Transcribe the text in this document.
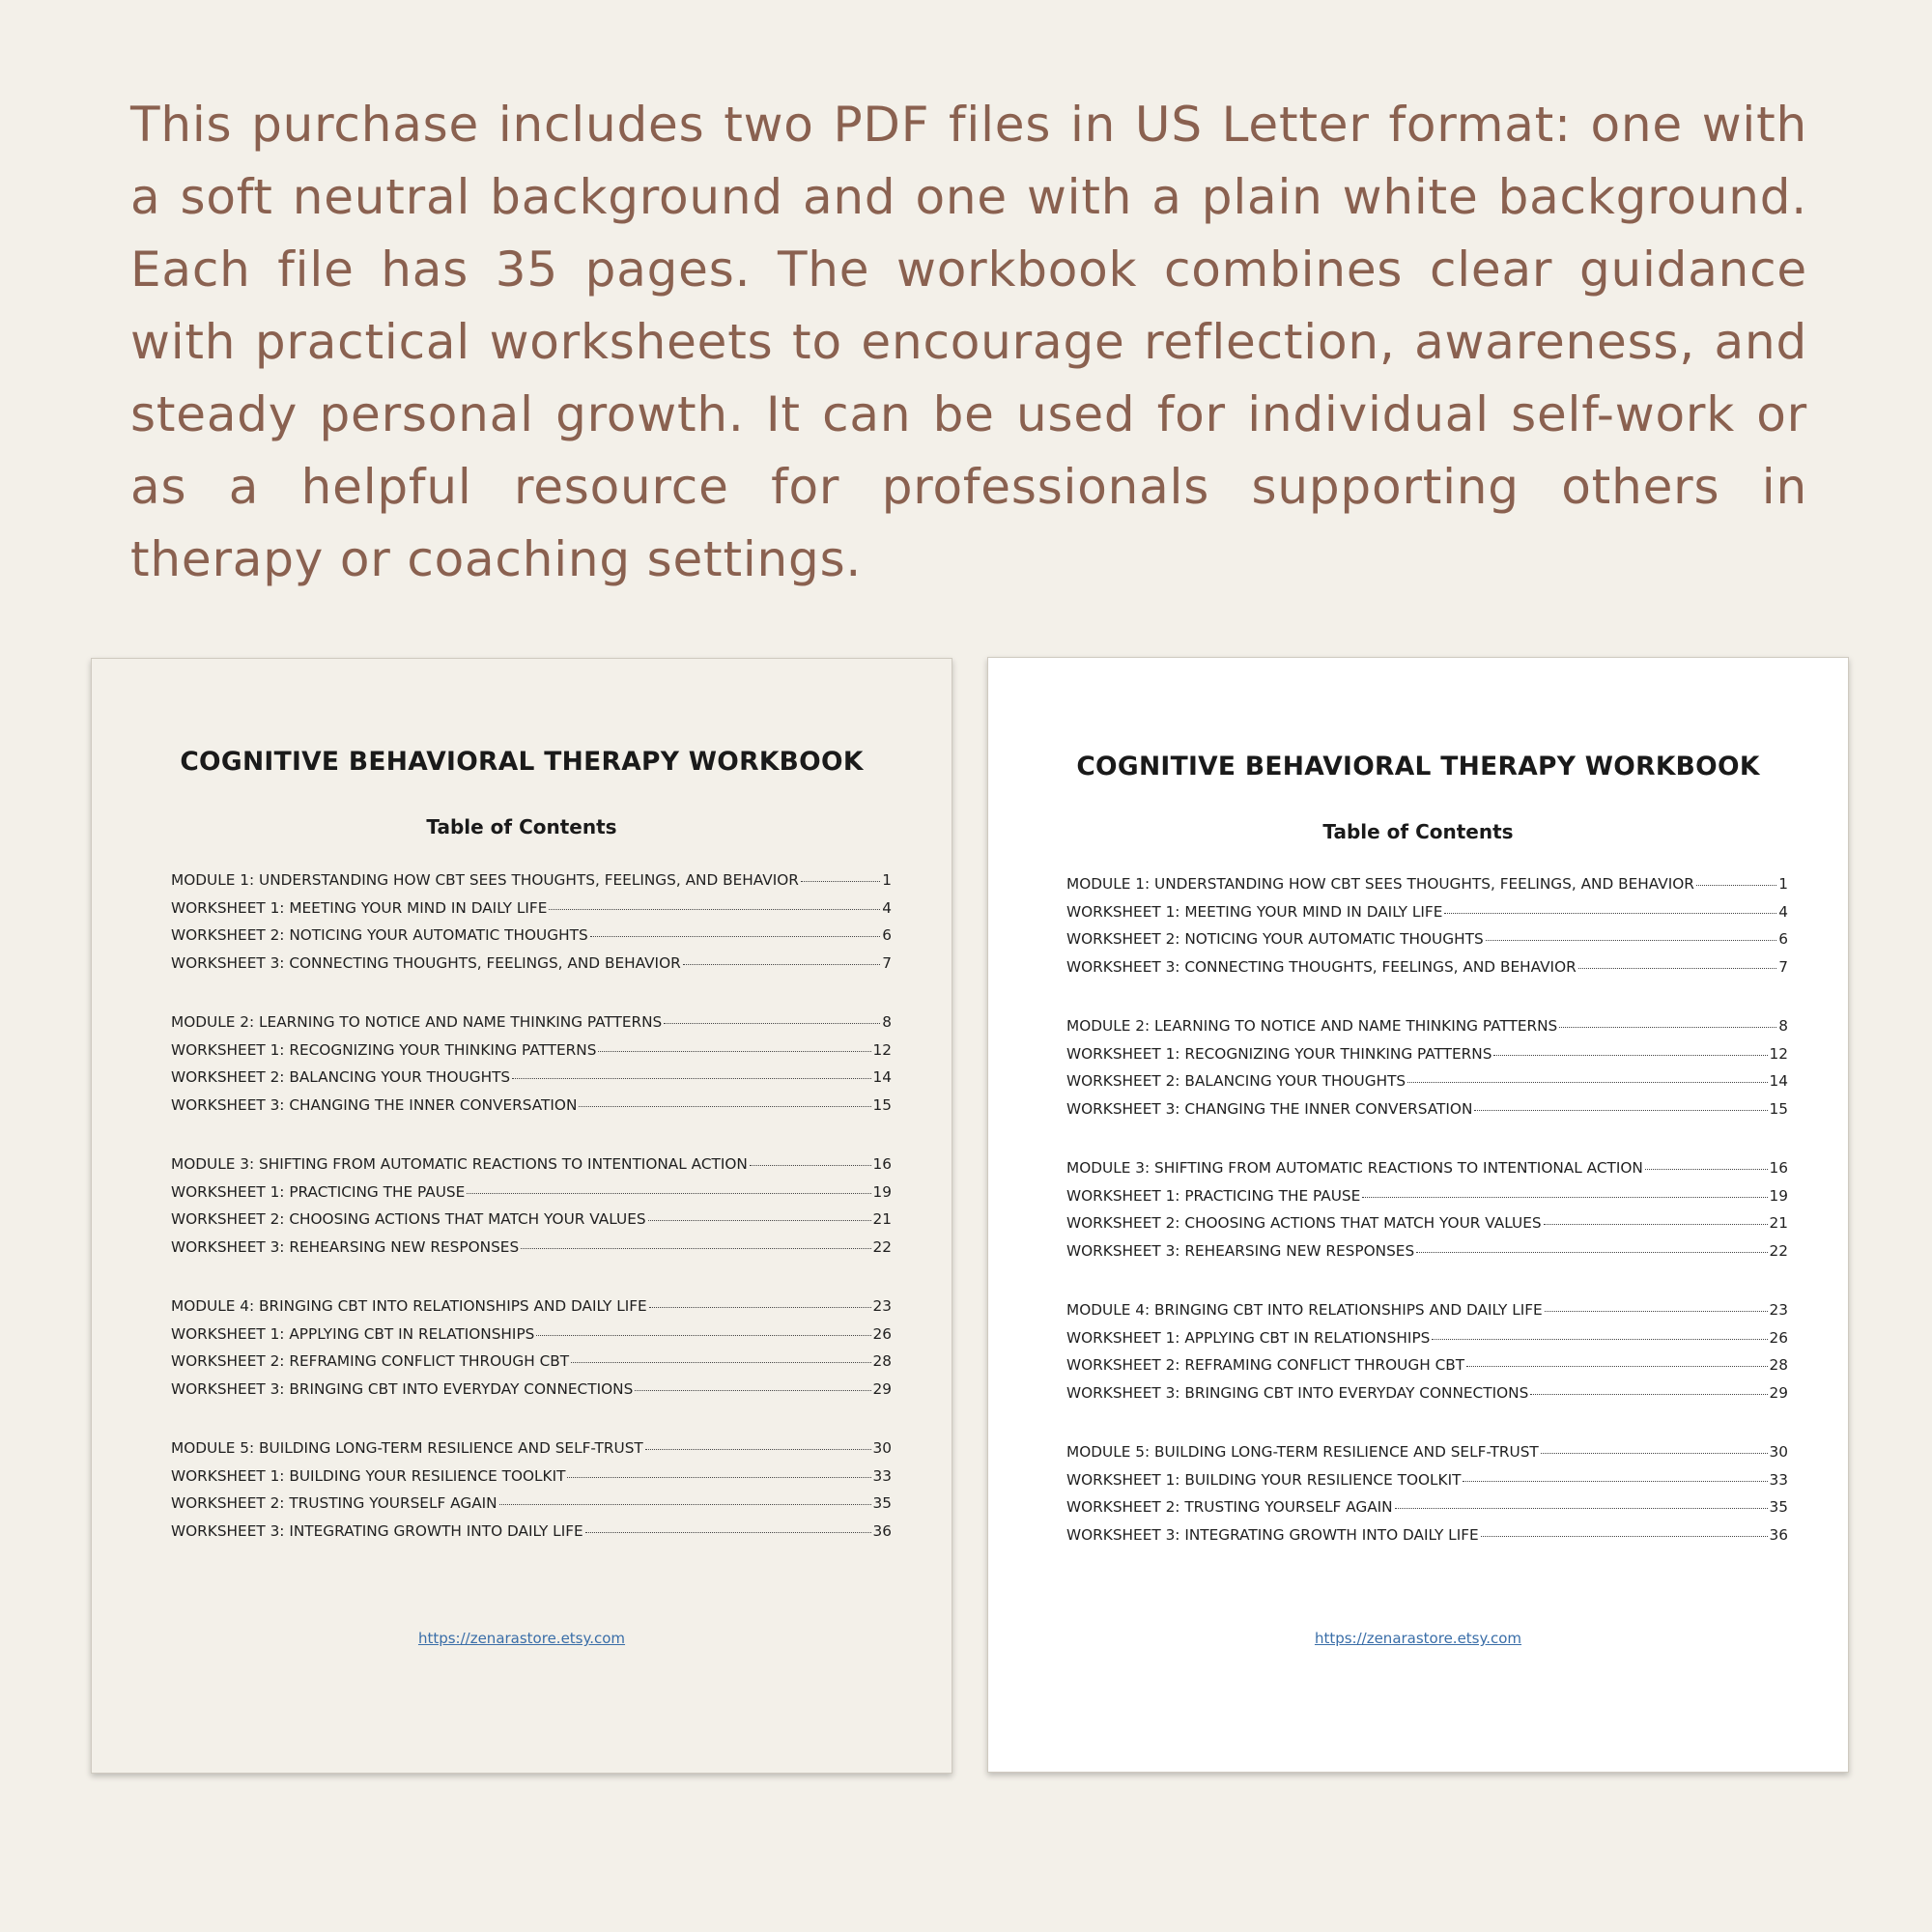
This purchase includes two PDF files in US Letter format: one with a soft neutral background and one with a plain white background. Each file has 35 pages. The workbook combines clear guidance with practical worksheets to encourage reflection, awareness, and steady personal growth. It can be used for individual self-work or as a helpful resource for professionals supporting others in therapy or coaching settings.

COGNITIVE BEHAVIORAL THERAPY WORKBOOK
Table of Contents
MODULE 1: UNDERSTANDING HOW CBT SEES THOUGHTS, FEELINGS, AND BEHAVIOR	1
WORKSHEET 1: MEETING YOUR MIND IN DAILY LIFE	4
WORKSHEET 2: NOTICING YOUR AUTOMATIC THOUGHTS	6
WORKSHEET 3: CONNECTING THOUGHTS, FEELINGS, AND BEHAVIOR	7
MODULE 2: LEARNING TO NOTICE AND NAME THINKING PATTERNS	8
WORKSHEET 1: RECOGNIZING YOUR THINKING PATTERNS	12
WORKSHEET 2: BALANCING YOUR THOUGHTS	14
WORKSHEET 3: CHANGING THE INNER CONVERSATION	15
MODULE 3: SHIFTING FROM AUTOMATIC REACTIONS TO INTENTIONAL ACTION	16
WORKSHEET 1: PRACTICING THE PAUSE	19
WORKSHEET 2: CHOOSING ACTIONS THAT MATCH YOUR VALUES	21
WORKSHEET 3: REHEARSING NEW RESPONSES	22
MODULE 4: BRINGING CBT INTO RELATIONSHIPS AND DAILY LIFE	23
WORKSHEET 1: APPLYING CBT IN RELATIONSHIPS	26
WORKSHEET 2: REFRAMING CONFLICT THROUGH CBT	28
WORKSHEET 3: BRINGING CBT INTO EVERYDAY CONNECTIONS	29
MODULE 5: BUILDING LONG-TERM RESILIENCE AND SELF-TRUST	30
WORKSHEET 1: BUILDING YOUR RESILIENCE TOOLKIT	33
WORKSHEET 2: TRUSTING YOURSELF AGAIN	35
WORKSHEET 3: INTEGRATING GROWTH INTO DAILY LIFE	36
https://zenarastore.etsy.com
COGNITIVE BEHAVIORAL THERAPY WORKBOOK
Table of Contents
MODULE 1: UNDERSTANDING HOW CBT SEES THOUGHTS, FEELINGS, AND BEHAVIOR	1
WORKSHEET 1: MEETING YOUR MIND IN DAILY LIFE	4
WORKSHEET 2: NOTICING YOUR AUTOMATIC THOUGHTS	6
WORKSHEET 3: CONNECTING THOUGHTS, FEELINGS, AND BEHAVIOR	7
MODULE 2: LEARNING TO NOTICE AND NAME THINKING PATTERNS	8
WORKSHEET 1: RECOGNIZING YOUR THINKING PATTERNS	12
WORKSHEET 2: BALANCING YOUR THOUGHTS	14
WORKSHEET 3: CHANGING THE INNER CONVERSATION	15
MODULE 3: SHIFTING FROM AUTOMATIC REACTIONS TO INTENTIONAL ACTION	16
WORKSHEET 1: PRACTICING THE PAUSE	19
WORKSHEET 2: CHOOSING ACTIONS THAT MATCH YOUR VALUES	21
WORKSHEET 3: REHEARSING NEW RESPONSES	22
MODULE 4: BRINGING CBT INTO RELATIONSHIPS AND DAILY LIFE	23
WORKSHEET 1: APPLYING CBT IN RELATIONSHIPS	26
WORKSHEET 2: REFRAMING CONFLICT THROUGH CBT	28
WORKSHEET 3: BRINGING CBT INTO EVERYDAY CONNECTIONS	29
MODULE 5: BUILDING LONG-TERM RESILIENCE AND SELF-TRUST	30
WORKSHEET 1: BUILDING YOUR RESILIENCE TOOLKIT	33
WORKSHEET 2: TRUSTING YOURSELF AGAIN	35
WORKSHEET 3: INTEGRATING GROWTH INTO DAILY LIFE	36
https://zenarastore.etsy.com
